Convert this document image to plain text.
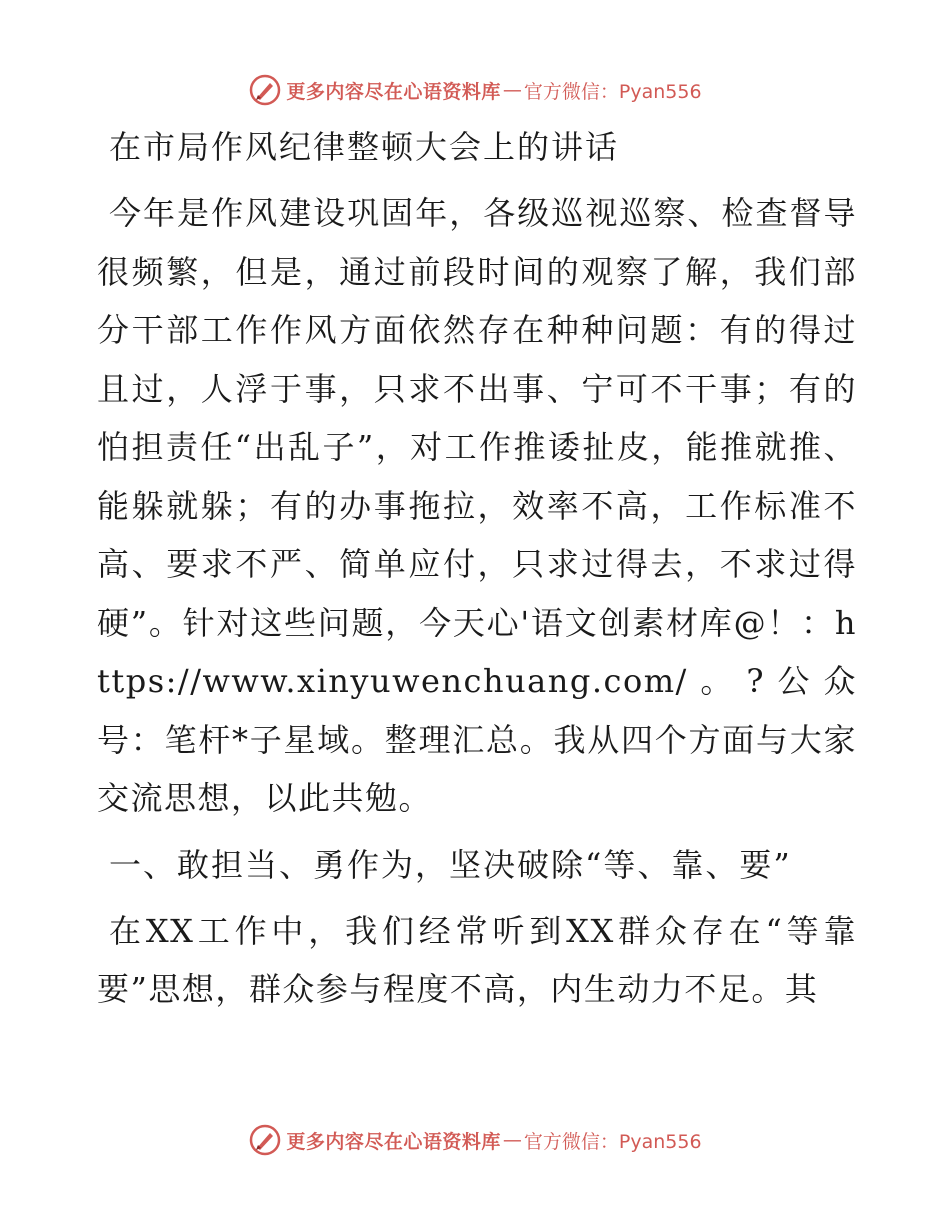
更多内容尽在心语资料库 — 官方微信：Pyan556
在市局作风纪律整顿大会上的讲话

今年是作风建设巩固年，各级巡视巡察、检查督导很频繁，但是，通过前段时间的观察了解，我们部分干部工作作风方面依然存在种种问题：有的得过且过，人浮于事，只求不出事、宁可不干事；有的怕担责任“出乱子”，对工作推诿扯皮，能推就推、能躲就躲；有的办事拖拉，效率不高，工作标准不高、要求不严、简单应付，只求过得去，不求过得硬”。针对这些问题，今天心'语文创素材库@！：https://www.xinyuwenchuang.com/。?公众号：笔杆*子星域。整理汇总。我从四个方面与大家交流思想，以此共勉。

一、敢担当、勇作为，坚决破除“等、靠、要”

在XX工作中，我们经常听到XX群众存在“等靠要”思想，群众参与程度不高，内生动力不足。其

更多内容尽在心语资料库 — 官方微信：Pyan556
